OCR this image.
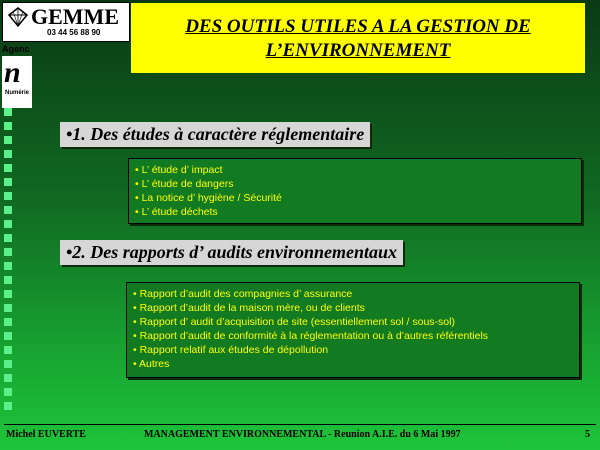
GEMME
03 44 56 88 90
Agenc
n
Numérie
DES OUTILS UTILES A LA GESTION DE
L’ENVIRONNEMENT
•1. Des études à caractère réglementaire
• L’ étude d’ impact
• L’ étude de dangers
• La notice d’ hygiène / Sécurité
• L’ étude déchets
•2. Des rapports d’ audits environnementaux
• Rapport d’audit des compagnies d’ assurance
• Rapport d’audit de la maison mère, ou de clients
• Rapport d’ audit d’acquisition de site (essentiellement sol / sous-sol)
• Rapport d’audit de conformité à la réglementation ou à d’autres référentiels
• Rapport relatif aux études de dépollution
• Autres
Michel EUVERTE	MANAGEMENT ENVIRONNEMENTAL - Reunion A.I.E. du 6 Mai 1997	5
